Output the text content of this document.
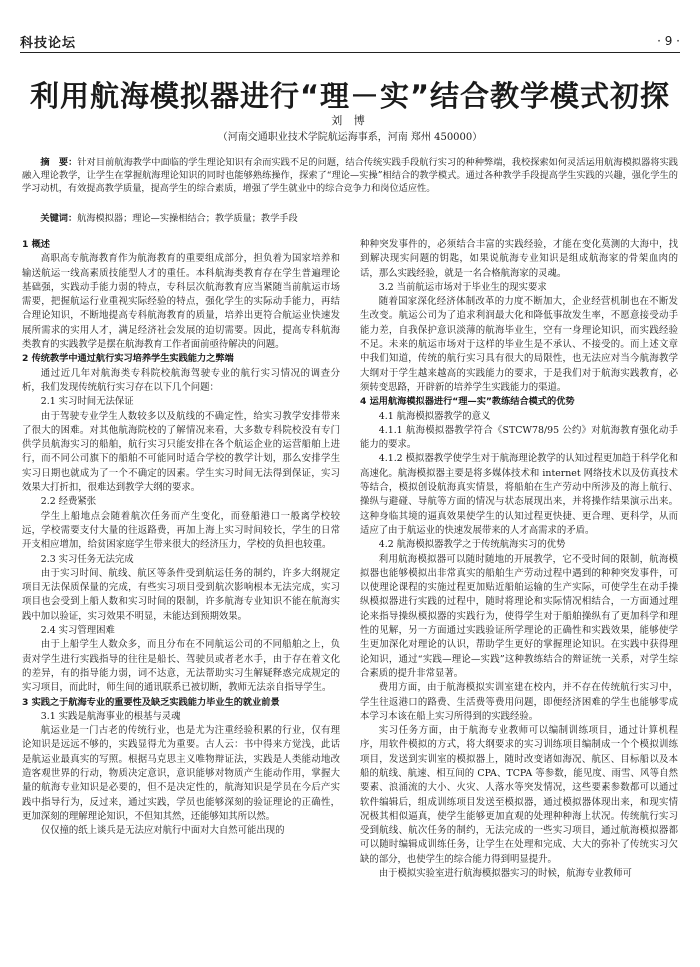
科技论坛	· 9 ·
利用航海模拟器进行“理－实”结合教学模式初探
刘 博
（河南交通职业技术学院航运海事系，河南 郑州 450000）

摘　要：针对目前航海教学中面临的学生理论知识有余而实践不足的问题，结合传统实践手段航行实习的种种弊端，我校探索如何灵活运用航海模拟器将实践融入理论教学，让学生在掌握航海理论知识的同时也能够熟练操作，探索了“理论—实操”相结合的教学模式。通过各种教学手段提高学生实践的兴趣，强化学生的学习动机，有效提高教学质量，提高学生的综合素质，增强了学生就业中的综合竞争力和岗位适应性。

关键词：航海模拟器；理论—实操相结合；教学质量；教学手段

1 概述

高职高专航海教育作为航海教育的重要组成部分，担负着为国家培养和输送航运一线高素质技能型人才的重任。本科航海类教育存在学生普遍理论基础强，实践动手能力弱的特点，专科层次航海教育应当紧随当前航运市场需要，把握航运行业重视实际经验的特点，强化学生的实际动手能力，再结合理论知识，不断地提高专科航海教育的质量，培养出更符合航运业快速发展所需求的实用人才，满足经济社会发展的迫切需要。因此，提高专科航海类教育的实践教学是摆在航海教育工作者面前亟待解决的问题。

2 传统教学中通过航行实习培养学生实践能力之弊端

通过近几年对航海类专科院校航海驾驶专业的航行实习情况的调查分析，我们发现传统航行实习存在以下几个问题：

2.1 实习时间无法保证

由于驾驶专业学生人数较多以及航线的不确定性，给实习教学安排带来了很大的困难。对其他航海院校的了解情况来看，大多数专科院校没有专门供学员航海实习的船舶，航行实习只能安排在各个航运企业的运营船舶上进行，而不同公司旗下的船舶不可能同时适合学校的教学计划，那么安排学生实习日期也就成为了一个不确定的因素。学生实习时间无法得到保证，实习效果大打折扣，很难达到教学大纲的要求。

2.2 经费紧张

学生上船地点会随着航次任务而产生变化，而登船港口一般离学校较远，学校需要支付大量的往返路费，再加上海上实习时间较长，学生的日常开支相应增加，给贫困家庭学生带来很大的经济压力，学校的负担也较重。

2.3 实习任务无法完成

由于实习时间、航线、航区等条件受到航运任务的制约，许多大纲规定项目无法保质保量的完成，有些实习项目受到航次影响根本无法完成，实习项目也会受到上船人数和实习时间的限制，许多航海专业知识不能在航海实践中加以验证，实习效果不明显，未能达到预期效果。

2.4 实习管理困难

由于上船学生人数众多，而且分布在不同航运公司的不同船舶之上，负责对学生进行实践指导的往往是船长、驾驶员或者老水手，由于存在着文化的差异，有的指导能力弱，词不达意，无法帮助实习生解疑释惑完成规定的实习项目，而此时，师生间的通讯联系已被切断，教师无法亲自指导学生。

3 实践之于航海专业的重要性及缺乏实践能力毕业生的就业前景

3.1 实践是航海事业的根基与灵魂

航运业是一门古老的传统行业，也是尤为注重经验积累的行业，仅有理论知识是远远不够的，实践显得尤为重要。古人云：书中得来方觉浅，此话是航运业最真实的写照。根据马克思主义唯物辩证法，实践是人类能动地改造客观世界的行动，物质决定意识，意识能够对物质产生能动作用，掌握大量的航海专业知识是必要的，但不是决定性的，航海知识是学员在今后产实践中指导行为，反过来，通过实践，学员也能够深刻的验证理论的正确性，更加深刻的理解理论知识，不但知其然，还能够知其所以然。

仅仅撞的纸上谈兵是无法应对航行中面对大自然可能出现的

种种突发事件的，必须结合丰富的实践经验，才能在变化莫测的大海中，找到解决现实问题的钥匙，如果说航海专业知识是组成航海家的骨架血肉的话，那么实践经验，就是一名合格航海家的灵魂。

3.2 当前航运市场对于毕业生的现实要求

随着国家深化经济体制改革的力度不断加大，企业经营机制也在不断发生改变。航运公司为了追求利润最大化和降低事故发生率，不愿意接受动手能力差，自我保护意识淡薄的航海毕业生，空有一身理论知识，而实践经验不足。未来的航运市场对于这样的毕业生是不承认、不接受的。而上述文章中我们知道，传统的航行实习具有很大的局限性，也无法应对当今航海教学大纲对于学生越来越高的实践能力的要求，于是我们对于航海实践教育，必须转变思路，开辟新的培养学生实践能力的渠道。

4 运用航海模拟器进行“理—实”教练结合模式的优势

4.1 航海模拟器教学的意义

4.1.1 航海模拟器教学符合《STCW78/95 公约》对航海教育强化动手能力的要求。

4.1.2 模拟器教学使学生对于航海理论教学的认知过程更加趋于科学化和高速化。航海模拟器主要是将多媒体技术和 internet 网络技术以及仿真技术等结合，模拟创设航海真实情景，将船舶在生产劳动中所涉及的海上航行、操纵与避碰、导航等方面的情况与状态展现出来，并将操作结果演示出来。这种身临其境的逼真效果使学生的认知过程更快捷、更合理、更科学，从而适应了由于航运业的快速发展带来的人才高需求的矛盾。

4.2 航海模拟器教学之于传统航海实习的优势

利用航海模拟器可以随时随地的开展教学，它不受时间的限制，航海模拟器也能够模拟出非常真实的船舶生产劳动过程中遇到的种种突发事件，可以使理论课程的实施过程更加贴近船舶运输的生产实际，可使学生在动手操纵模拟器进行实践的过程中，随时将理论和实际情况相结合，一方面通过理论来指导操纵模拟器的实践行为，使得学生对于船舶操纵有了更加科学和理性的见解，另一方面通过实践验证所学理论的正确性和实践效果，能够使学生更加深化对理论的认识，帮助学生更好的掌握理论知识。在实践中获得理论知识，通过“实践—理论—实践”这种教练结合的辩证统一关系，对学生综合素质的提升非常显著。

费用方面，由于航海模拟实训室建在校内，并不存在传统航行实习中，学生往返港口的路费、生活费等费用问题，即便经济困难的学生也能够零成本学习本该在船上实习所得到的实践经验。

实习任务方面，由于航海专业教师可以编制训练项目，通过计算机程序，用软件模拟的方式，将大纲要求的实习训练项目编制成一个个模拟训练项目，发送到实训室的模拟器上，随时改变诸如海况、航区、目标船以及本船的航线、航速、相互间的 CPA、TCPA 等参数，能见度、雨雪、风等自然要素、浪涌流的大小、火灾、人落水等突发情况，这些要素参数都可以通过软件编辑后，组成训练项目发送至模拟器，通过模拟器体现出来，和现实情况极其相似逼真，使学生能够更加直观的处理种种海上状况。传统航行实习受到航线、航次任务的制约，无法完成的一些实习项目，通过航海模拟器都可以随时编辑成训练任务，让学生在处理和完成、大大的弥补了传统实习欠缺的部分，也使学生的综合能力得到明显提升。

由于模拟实验室进行航海模拟器实习的时候，航海专业教师可
